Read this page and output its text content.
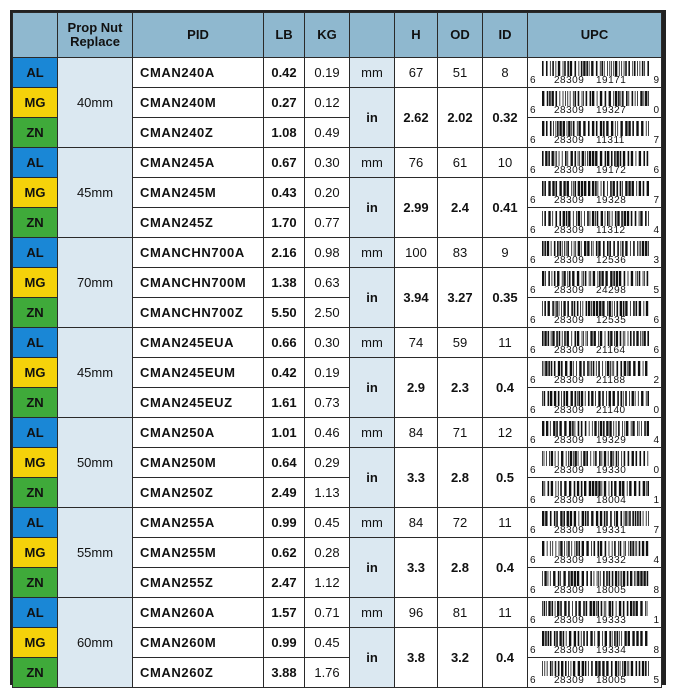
	Prop Nut Replace	PID	LB	KG		H	OD	ID	UPC
AL	40mm	CMAN240A	0.42	0.19	mm	67	51	8	6 28309 19171 9

MG		CMAN240M	0.27	0.12	in	2.62	2.02	0.32	6 28309 19327 0

ZN		CMAN240Z	1.08	0.49					6 28309 11311 7

AL	45mm	CMAN245A	0.67	0.30	mm	76	61	10	6 28309 19172 6

MG		CMAN245M	0.43	0.20	in	2.99	2.4	0.41	6 28309 19328 7

ZN		CMAN245Z	1.70	0.77					6 28309 11312 4

AL	70mm	CMANCHN700A	2.16	0.98	mm	100	83	9	6 28309 12536 3

MG		CMANCHN700M	1.38	0.63	in	3.94	3.27	0.35	6 28309 24298 5

ZN		CMANCHN700Z	5.50	2.50					6 28309 12535 6

AL	45mm	CMAN245EUA	0.66	0.30	mm	74	59	11	6 28309 21164 6

MG		CMAN245EUM	0.42	0.19	in	2.9	2.3	0.4	6 28309 21188 2

ZN		CMAN245EUZ	1.61	0.73					6 28309 21140 0

AL	50mm	CMAN250A	1.01	0.46	mm	84	71	12	6 28309 19329 4

MG		CMAN250M	0.64	0.29	in	3.3	2.8	0.5	6 28309 19330 0

ZN		CMAN250Z	2.49	1.13					6 28309 18004 1

AL	55mm	CMAN255A	0.99	0.45	mm	84	72	11	6 28309 19331 7

MG		CMAN255M	0.62	0.28	in	3.3	2.8	0.4	6 28309 19332 4

ZN		CMAN255Z	2.47	1.12					6 28309 18005 8

AL	60mm	CMAN260A	1.57	0.71	mm	96	81	11	6 28309 19333 1

MG		CMAN260M	0.99	0.45	in	3.8	3.2	0.4	6 28309 19334 8

ZN		CMAN260Z	3.88	1.76					6 28309 18005 5
